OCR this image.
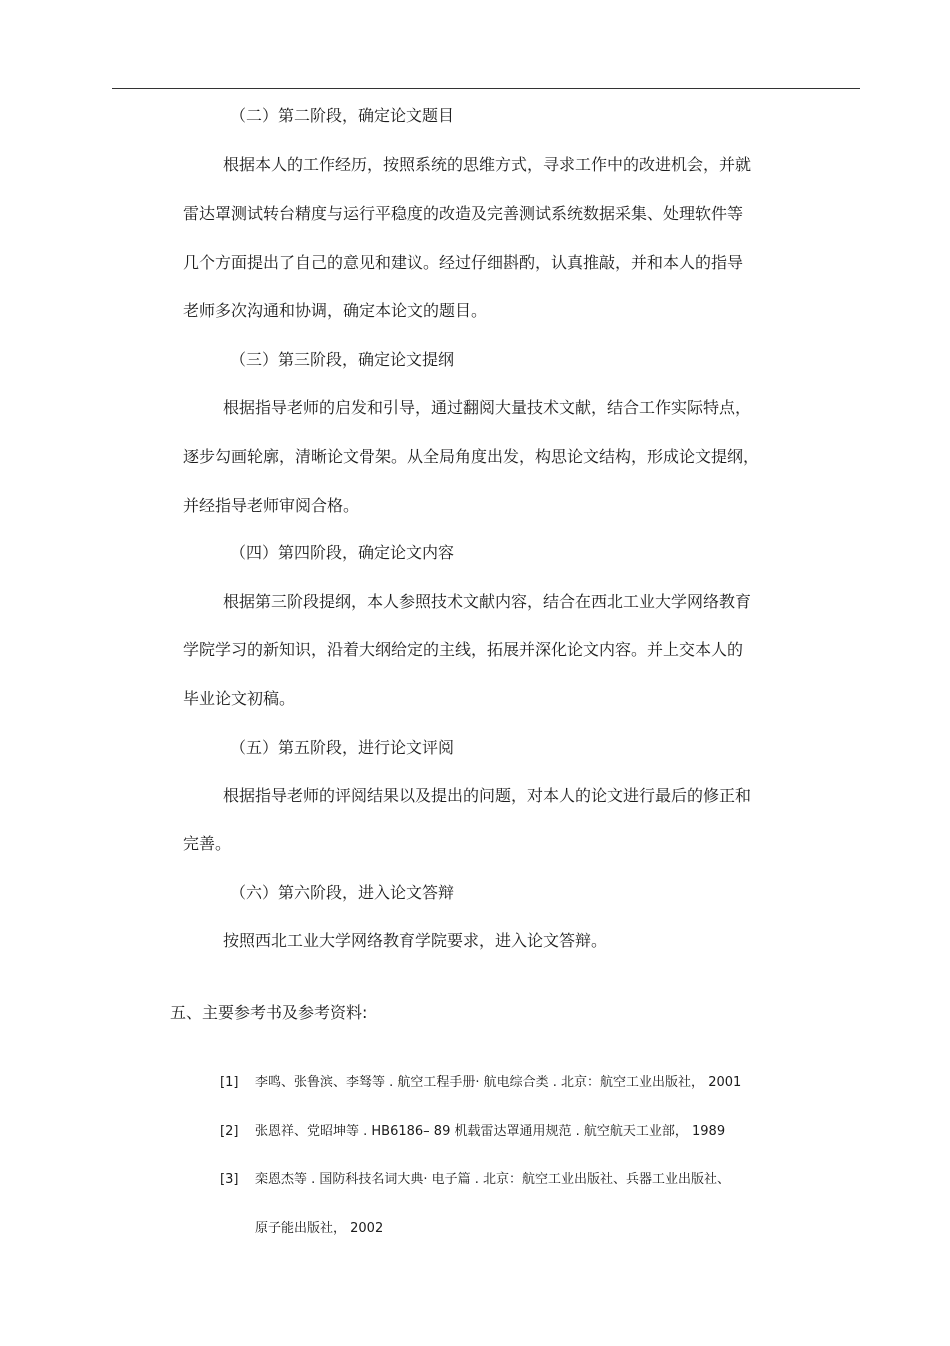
（二）第二阶段，确定论文题目
根据本人的工作经历，按照系统的思维方式，寻求工作中的改进机会，并就
雷达罩测试转台精度与运行平稳度的改造及完善测试系统数据采集、处理软件等
几个方面提出了自己的意见和建议。经过仔细斟酌，认真推敲，并和本人的指导
老师多次沟通和协调，确定本论文的题目。
（三）第三阶段，确定论文提纲
根据指导老师的启发和引导，通过翻阅大量技术文献，结合工作实际特点，
逐步勾画轮廓，清晰论文骨架。从全局角度出发，构思论文结构，形成论文提纲，
并经指导老师审阅合格。
（四）第四阶段，确定论文内容
根据第三阶段提纲，本人参照技术文献内容，结合在西北工业大学网络教育
学院学习的新知识，沿着大纲给定的主线，拓展并深化论文内容。并上交本人的
毕业论文初稿。
（五）第五阶段，进行论文评阅
根据指导老师的评阅结果以及提出的问题，对本人的论文进行最后的修正和
完善。
（六）第六阶段，进入论文答辩
按照西北工业大学网络教育学院要求，进入论文答辩。
五、主要参考书及参考资料:
[1] 李鸣、张鲁滨、李驽等 . 航空工程手册· 航电综合类 . 北京：航空工业出版社， 2001
[2] 张恩祥、党昭坤等 . HB6186– 89 机载雷达罩通用规范 . 航空航天工业部， 1989
[3] 栾恩杰等 . 国防科技名词大典· 电子篇 . 北京：航空工业出版社、兵器工业出版社、
原子能出版社， 2002
